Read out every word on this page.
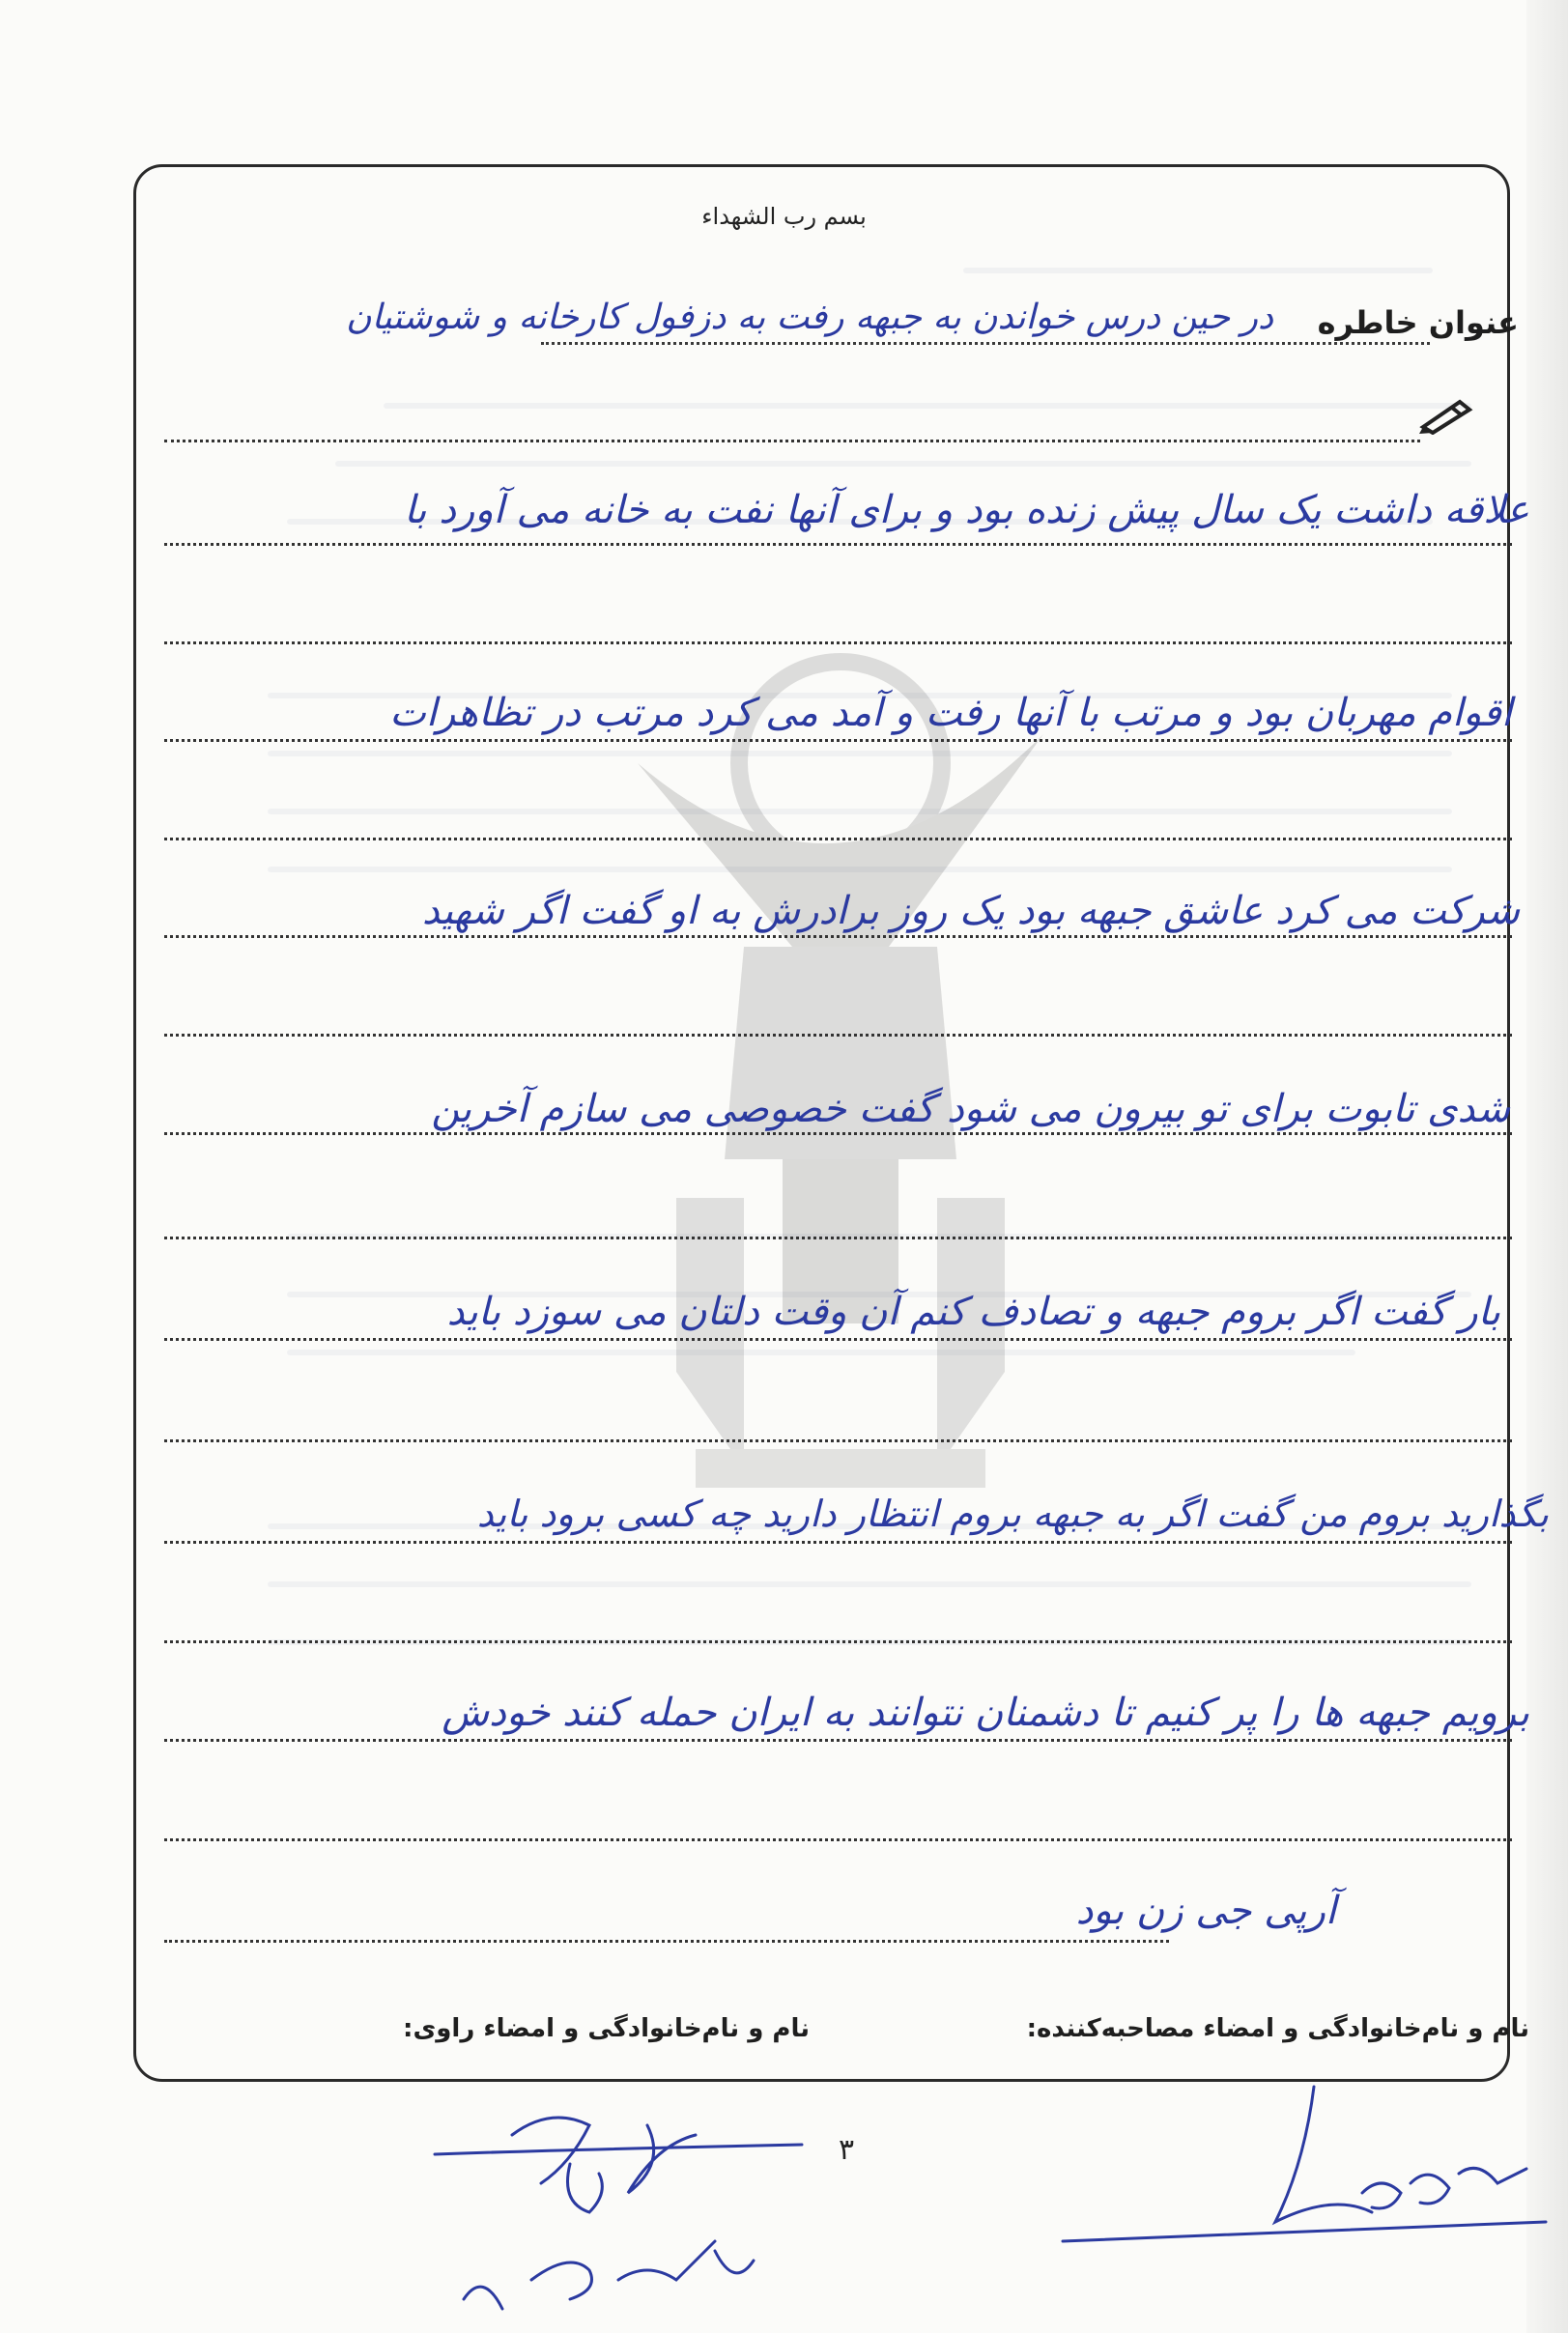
بسم رب الشهداء
عنوان خاطره
در حین درس خواندن به جبهه رفت به دزفول کارخانه و شوشتیان
علاقه داشت یک سال پیش زنده بود و برای آنها نفت به خانه می آورد با
اقوام مهربان بود و مرتب با آنها رفت و آمد می کرد مرتب در تظاهرات
شرکت می کرد عاشق جبهه بود یک روز برادرش به او گفت اگر شهید
شدی تابوت برای تو بیرون می شود گفت خصوصی می سازم آخرین
بار گفت اگر بروم جبهه و تصادف کنم آن وقت دلتان می سوزد باید
بگذارید بروم من گفت اگر به جبهه بروم انتظار دارید چه کسی برود باید
برویم جبهه ها را پر کنیم تا دشمنان نتوانند به ایران حمله کنند خودش
آرپی جی زن بود
نام و نام‌خانوادگی و امضاء مصاحبه‌کننده:
نام و نام‌خانوادگی و امضاء راوی:
۳
